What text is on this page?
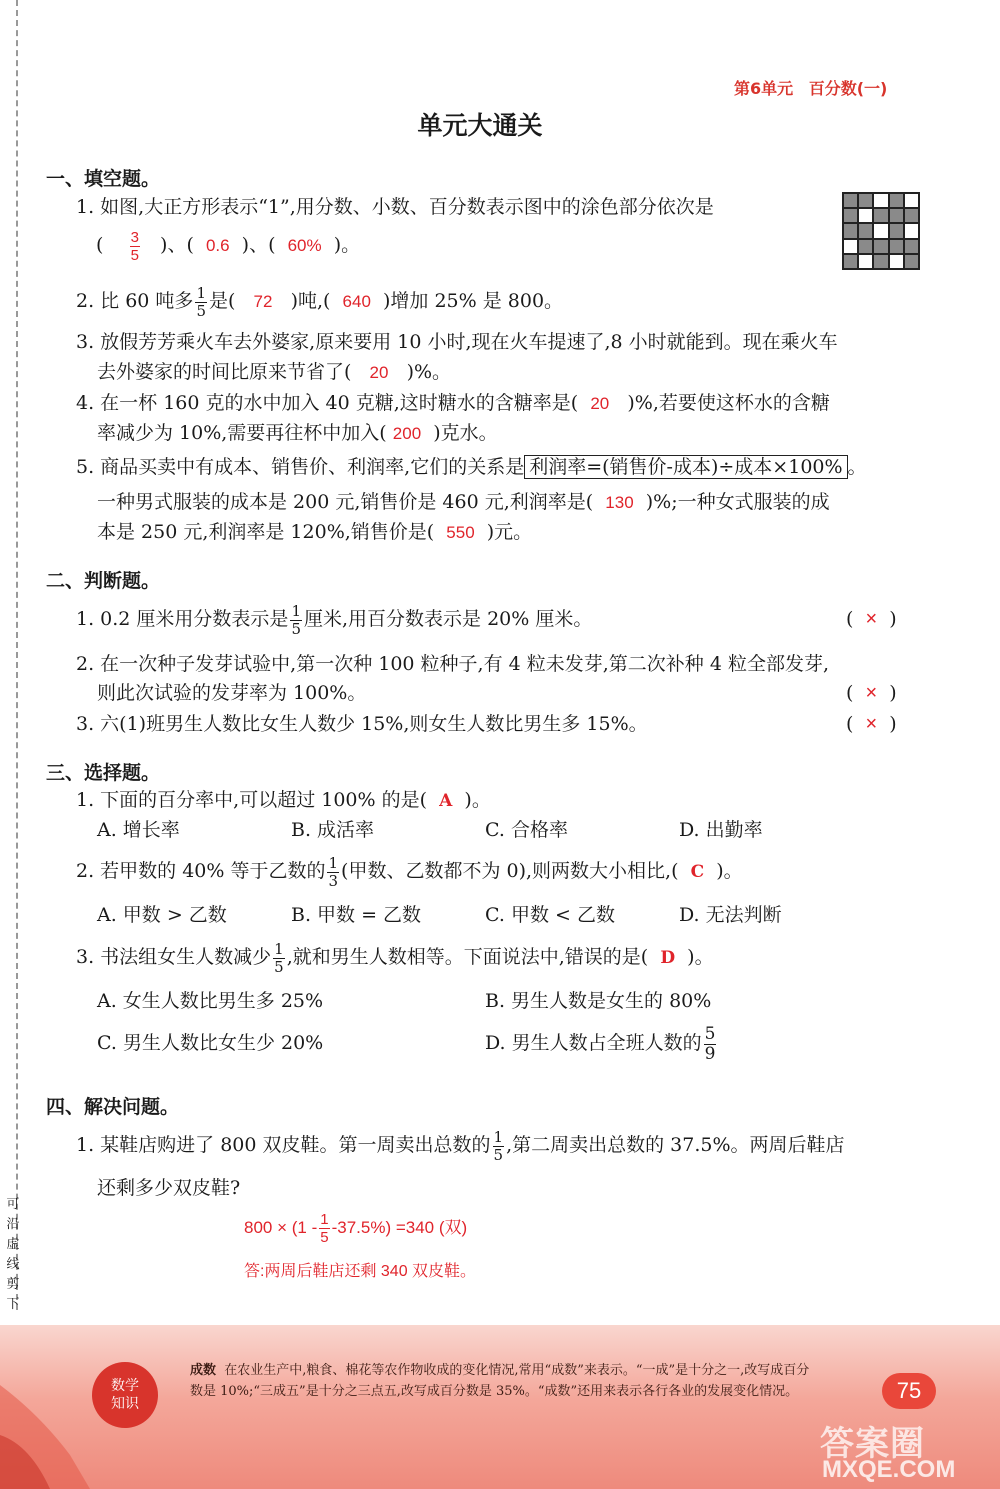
可
沿
虚
线
剪
下
第6单元 百分数(一)
单元大通关
一、填空题。
1. 如图,大正方形表示“1”,用分数、小数、百分数表示图中的涂色部分依次是
( $\frac{3}{5}$ )、(  0.6  )、(  60%  )。
2. 比 60 吨多 $\frac{1}{5}$ 是( 72 )吨,( 640 )增加 25% 是 800。
3. 放假芳芳乘火车去外婆家,原来要用 10 小时,现在火车提速了,8 小时就能到。现在乘火车
去外婆家的时间比原来节省了( 20 )%。
4. 在一杯 160 克的水中加入 40 克糖,这时糖水的含糖率是( 20 )%,若要使这杯水的含糖
率减少为 10%,需要再往杯中加入( 200 )克水。
5. 商品买卖中有成本、销售价、利润率,它们的关系是 利润率=(销售价-成本)÷成本×100% 。
一种男式服装的成本是 200 元,销售价是 460 元,利润率是( 130 )%;一种女式服装的成
本是 250 元,利润率是 120%,销售价是( 550 )元。
二、判断题。
1. 0.2 厘米用分数表示是 $\frac{1}{5}$ 厘米,用百分数表示是 20% 厘米。	(  ×  )
2. 在一次种子发芽试验中,第一次种 100 粒种子,有 4 粒未发芽,第二次补种 4 粒全部发芽,
则此次试验的发芽率为 100%。	(  ×  )
3. 六(1)班男生人数比女生人数少 15%,则女生人数比男生多 15%。	(  ×  )
三、选择题。
1. 下面的百分率中,可以超过 100% 的是( A )。
A. 增长率	B. 成活率	C. 合格率	D. 出勤率
2. 若甲数的 40% 等于乙数的 $\frac{1}{3}$ (甲数、乙数都不为 0),则两数大小相比,( C )。
A. 甲数 > 乙数	B. 甲数 = 乙数	C. 甲数 < 乙数	D. 无法判断
3. 书法组女生人数减少 $\frac{1}{5}$ ,就和男生人数相等。下面说法中,错误的是( D )。
A. 女生人数比男生多 25%	B. 男生人数是女生的 80%
C. 男生人数比女生少 20%	D. 男生人数占全班人数的 $\frac{5}{9}$
四、解决问题。
1. 某鞋店购进了 800 双皮鞋。第一周卖出总数的 $\frac{1}{5}$ ,第二周卖出总数的 37.5%。两周后鞋店
还剩多少双皮鞋?
$800 \times (1 - \frac{1}{5} -37.5\%) =340$ (双)
答:两周后鞋店还剩 340 双皮鞋。
数学
知识
成数 在农业生产中,粮食、棉花等农作物收成的变化情况,常用“成数”来表示。“一成”是十分之一,改写成百分数是 10%;“三成五”是十分之三点五,改写成百分数是 35%。“成数”还用来表示各行各业的发展变化情况。	75
答案圈
MXQE.COM
